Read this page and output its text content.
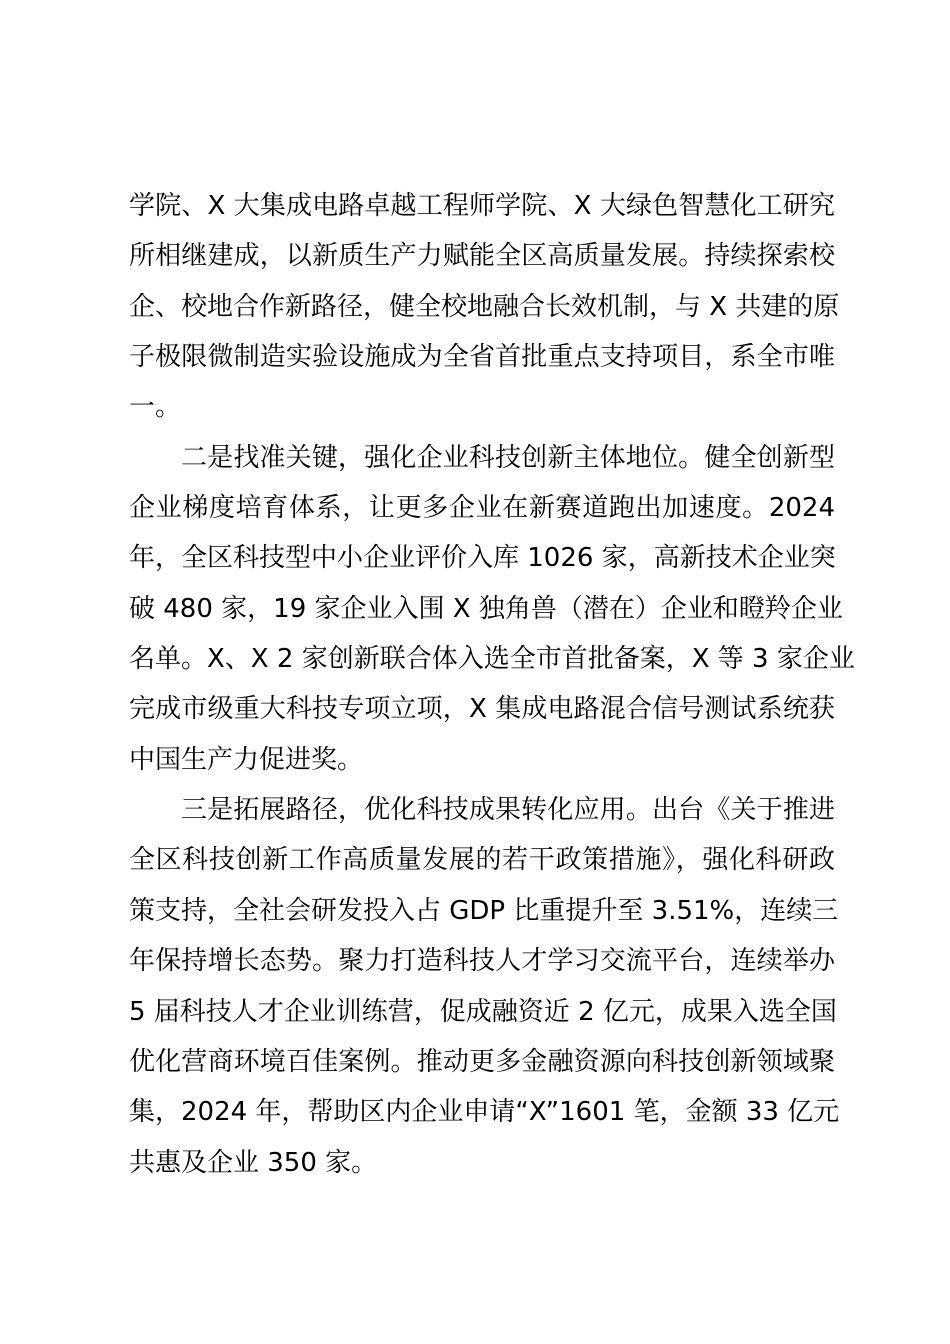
学院、X 大集成电路卓越工程师学院、X 大绿色智慧化工研究
所相继建成，以新质生产力赋能全区高质量发展。持续探索校
企、校地合作新路径，健全校地融合长效机制，与 X 共建的原
子极限微制造实验设施成为全省首批重点支持项目，系全市唯
一。
二是找准关键，强化企业科技创新主体地位。健全创新型
企业梯度培育体系，让更多企业在新赛道跑出加速度。2024
年，全区科技型中小企业评价入库 1026 家，高新技术企业突
破 480 家，19 家企业入围 X 独角兽（潜在）企业和瞪羚企业
名单。X、X 2 家创新联合体入选全市首批备案，X 等 3 家企业
完成市级重大科技专项立项，X 集成电路混合信号测试系统获
中国生产力促进奖。
三是拓展路径，优化科技成果转化应用。出台《关于推进
全区科技创新工作高质量发展的若干政策措施》，强化科研政
策支持，全社会研发投入占 GDP 比重提升至 3.51%，连续三
年保持增长态势。聚力打造科技人才学习交流平台，连续举办
5 届科技人才企业训练营，促成融资近 2 亿元，成果入选全国
优化营商环境百佳案例。推动更多金融资源向科技创新领域聚
集，2024 年，帮助区内企业申请“X”1601 笔，金额 33 亿元
共惠及企业 350 家。
